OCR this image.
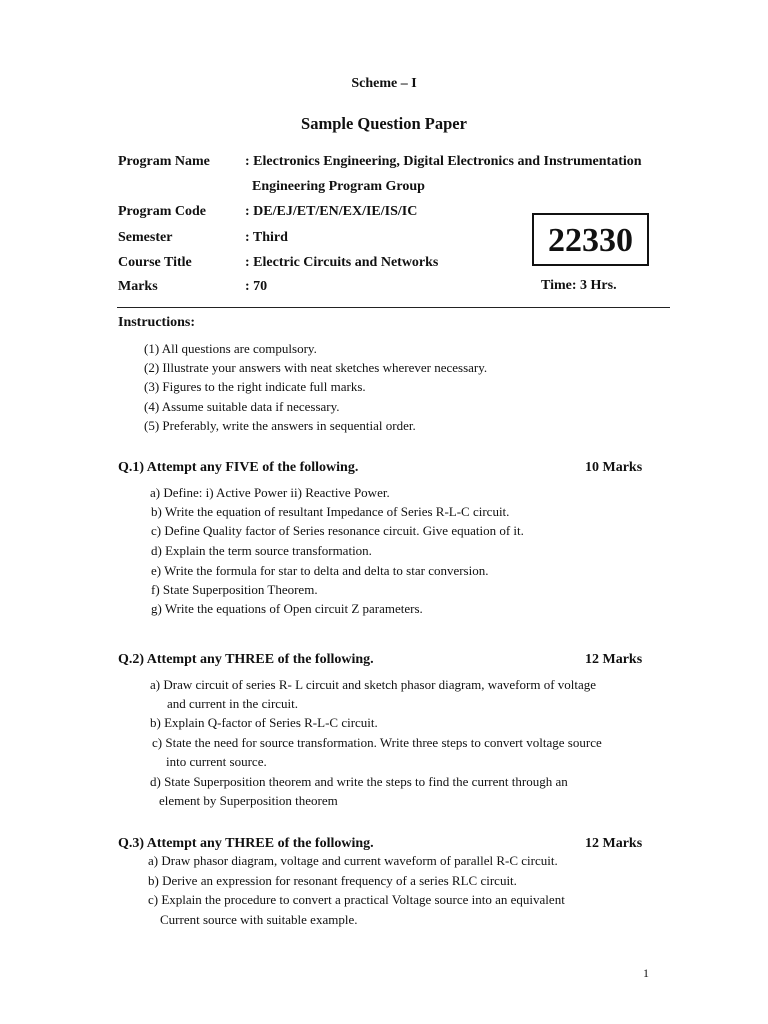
Scheme – I
Sample Question Paper
Program Name	: Electronics Engineering, Digital Electronics and Instrumentation
Engineering Program Group
Program Code	: DE/EJ/ET/EN/EX/IE/IS/IC
Semester	: Third
Course Title	: Electric Circuits and Networks
Marks	: 70
22330
Time: 3 Hrs.
Instructions:
(1) All questions are compulsory.
(2) Illustrate your answers with neat sketches wherever necessary.
(3) Figures to the right indicate full marks.
(4) Assume suitable data if necessary.
(5) Preferably, write the answers in sequential order.
Q.1) Attempt any FIVE of the following.	10 Marks
a) Define: i) Active Power ii) Reactive Power.
b) Write the equation of resultant Impedance of Series R-L-C circuit.
c) Define Quality factor of Series resonance circuit. Give equation of it.
d) Explain the term source transformation.
e) Write the formula for star to delta and delta to star conversion.
f) State Superposition Theorem.
g) Write the equations of Open circuit Z parameters.
Q.2) Attempt any THREE of the following.	12 Marks
a) Draw circuit of series R- L circuit and sketch phasor diagram, waveform of voltage
and current in the circuit.
b) Explain Q-factor of Series R-L-C circuit.
c) State the need for source transformation. Write three steps to convert voltage source
into current source.
d) State Superposition theorem and write the steps to find the current through an
element by Superposition theorem
Q.3) Attempt any THREE of the following.	12 Marks
a) Draw phasor diagram, voltage and current waveform of parallel R-C circuit.
b) Derive an expression for resonant frequency of a series RLC circuit.
c) Explain the procedure to convert a practical Voltage source into an equivalent
Current source with suitable example.
1
